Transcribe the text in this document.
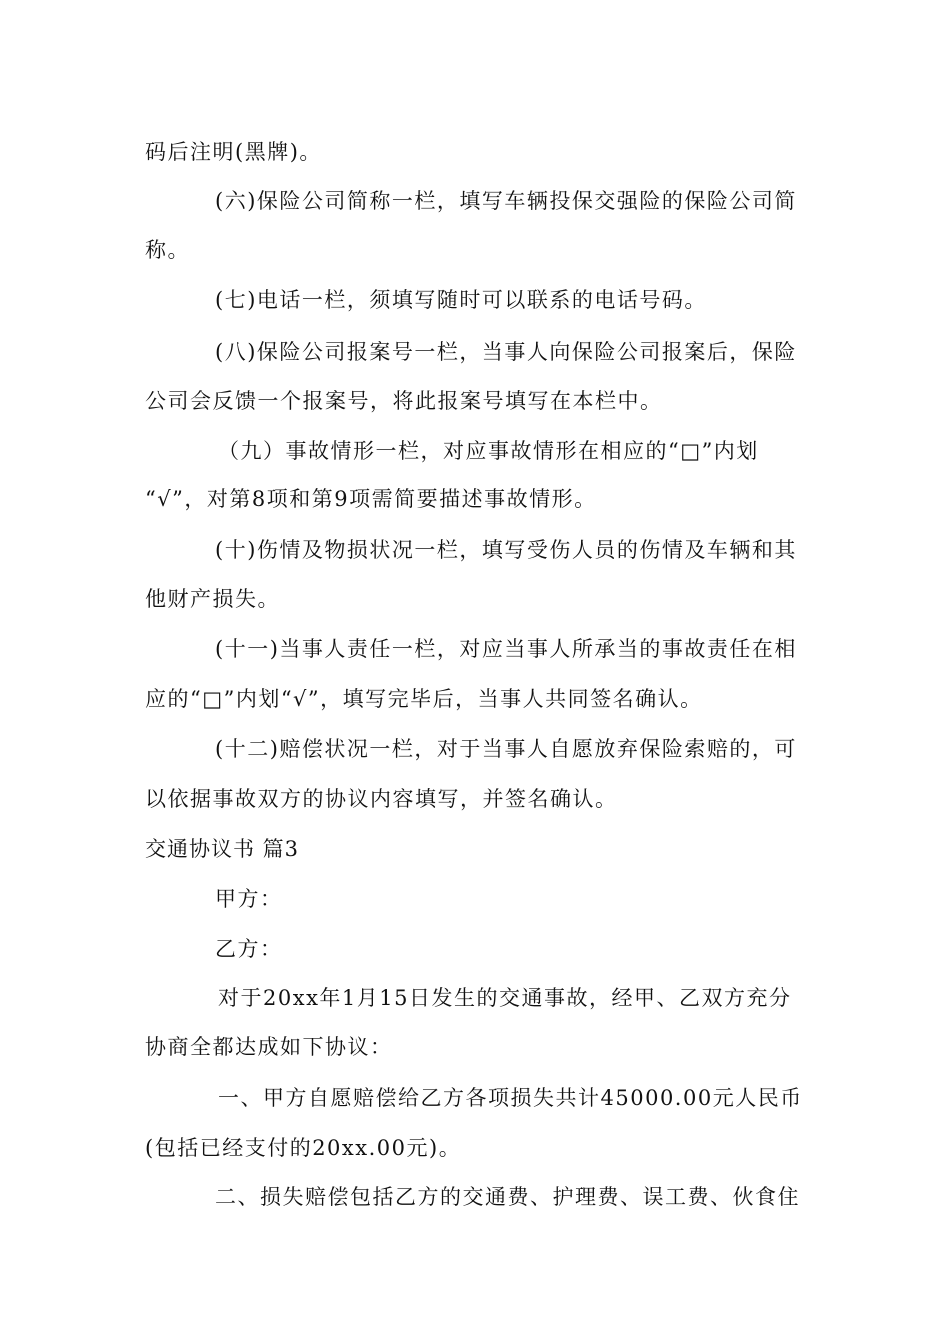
码后注明(黑牌)。
(六)保险公司简称一栏，填写车辆投保交强险的保险公司简
称。
(七)电话一栏，须填写随时可以联系的电话号码。
(八)保险公司报案号一栏，当事人向保险公司报案后，保险
公司会反馈一个报案号，将此报案号填写在本栏中。
（九）事故情形一栏，对应事故情形在相应的“□”内划
“√”，对第8项和第9项需简要描述事故情形。
(十)伤情及物损状况一栏，填写受伤人员的伤情及车辆和其
他财产损失。
(十一)当事人责任一栏，对应当事人所承当的事故责任在相
应的“□”内划“√”，填写完毕后，当事人共同签名确认。
(十二)赔偿状况一栏，对于当事人自愿放弃保险索赔的，可
以依据事故双方的协议内容填写，并签名确认。
交通协议书 篇3
甲方：
乙方：
对于20xx年1月15日发生的交通事故，经甲、乙双方充分
协商全都达成如下协议：
一、甲方自愿赔偿给乙方各项损失共计45000.00元人民币
(包括已经支付的20xx.00元)。
二、损失赔偿包括乙方的交通费、护理费、误工费、伙食住
